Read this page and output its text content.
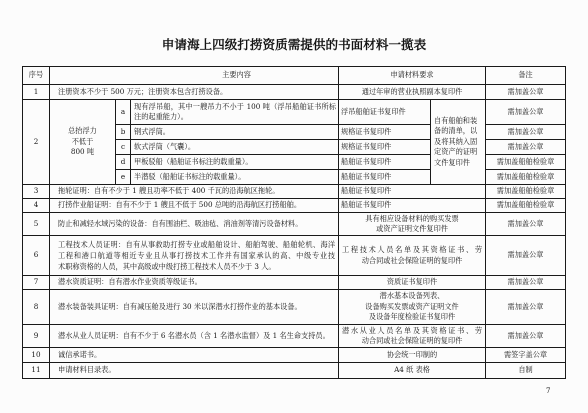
申请海上四级打捞资质需提供的书面材料一揽表
序号	主要内容			申请材料要求		备注
1	注册资本不少于 500 万元；注册资本包含打捞设备。			通过年审的营业执照副本复印件		需加盖公章
2	总抬浮力
不低于
800 吨	a	现有浮吊船，其中一艘吊力不小于 100 吨（浮吊船舶证书所标
注的起重能力）。	浮吊船舶证书复印件	自有船舶和装备的清单，以及将其纳入固定资产的证明文件复印件	需加盖公章
		b	钢式浮筒。	规格证书复印件		需加盖公章
		c	软式浮筒（气囊）。	规格证书复印件		需加盖公章
		d	甲板驳船（船舶证书标注的载重量）。	船舶证书复印件		需加盖船舶检验章
		e	半潜驳（船舶证书标注的载重量）。	船舶证书复印件		需加盖船舶检验章
3	拖轮证明：自有不少于 1 艘且功率不低于 400 千瓦的沿海航区拖轮。			船舶证书复印件		需加盖船舶检验章
4	打捞作业船证明：自有不少于 1 艘且不低于 500 总吨的沿海航区打捞船舶。			船舶证书复印件		需加盖船舶检验章
5	防止和减轻水域污染的设备：自有围油栏、吸油毡、消油剂等清污设备材料。			具有相应设备材料的购买发票
或资产证明文件复印件		需加盖公章
6	工程技术人员证明：自有从事救助打捞专业或船舶设计、船舶驾驶、船舶轮机、海洋
工程和港口航道等相近专业且从事打捞技术工作并有国家承认的高、中级专业技
术职称资格的人员，其中高级或中级打捞工程技术人员不少于 3 人。			工程技术人员名单及其资格证书、劳
动合同或社会保险证明的复印件		需加盖公章
7	潜水资质证明：自有潜水作业资质等级证书。			资质证书复印件		需加盖公章
8	潜水装备装具证明：自有减压舱及进行 30 米以深潜水打捞作业的基本设备。			潜水基本设备列表、
设备购买发票或资产证明文件
及设备年度检验证书复印件		需加盖公章
9	潜水从业人员证明：自有不少于 6 名潜水员（含 1 名潜水监督）及 1 名生命支持员。			潜水从业人员名单及其资格证书、劳
动合同或社会保险证明的复印件		需加盖公章
10	诚信承诺书。			协会统一印制的		需签字盖公章
11	申请材料目录表。			A4 纸 表格		自制
7
